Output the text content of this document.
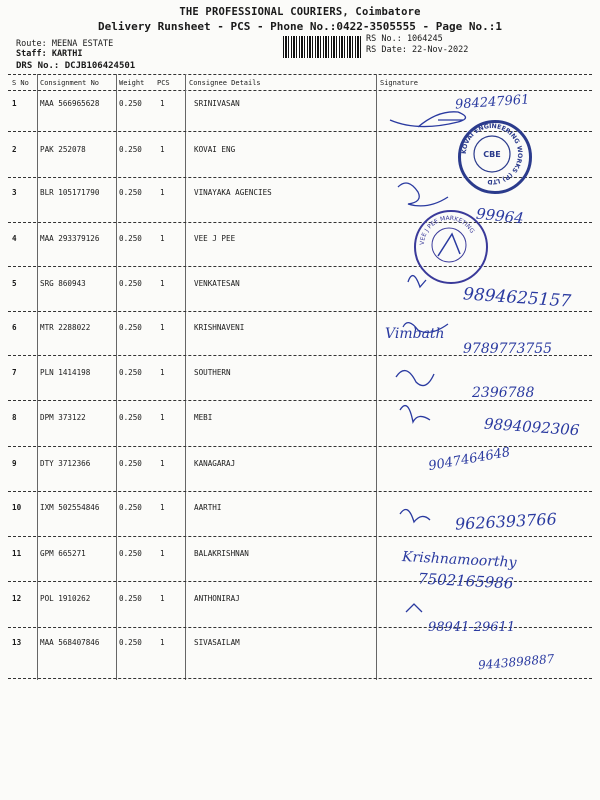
THE PROFESSIONAL COURIERS, Coimbatore
Delivery Runsheet - PCS - Phone No.:0422-3505555 - Page No.:1
Route: MEENA ESTATE
Staff: KARTHI
DRS No.: DCJB106424501
RS No.: 1064245
RS Date: 22-Nov-2022
S No Consignment No	Weight PCS	Consignee Details	Signature
1	MAA 566965628	0.250 1	SRINIVASAN
2	PAK 252078	0.250 1	KOVAI ENG
3	BLR 105171790	0.250 1	VINAYAKA AGENCIES
4	MAA 293379126	0.250 1	VEE J PEE
5	SRG 860943	0.250 1	VENKATESAN
6	MTR 2288022	0.250 1	KRISHNAVENI
7	PLN 1414198	0.250 1	SOUTHERN
8	DPM 373122	0.250 1	MEBI
9	DTY 3712366	0.250 1	KANAGARAJ
10 IXM 502554846	0.250 1	AARTHI
11 GPM 665271	0.250 1	BALAKRISHNAN
12 POL 1910262	0.250 1	ANTHONIRAJ
13 MAA 568407846	0.250 1	SIVASAILAM
KOVAI ENGINEERING WORKS (P) LTD
CBE
VEE J PEE MARKETING
984247961
99964
9894625157
Vimbath
9789773755
2396788
9894092306
9047464648
9626393766
Krishnamoorthy
7502165986
98941-29611
9443898887
